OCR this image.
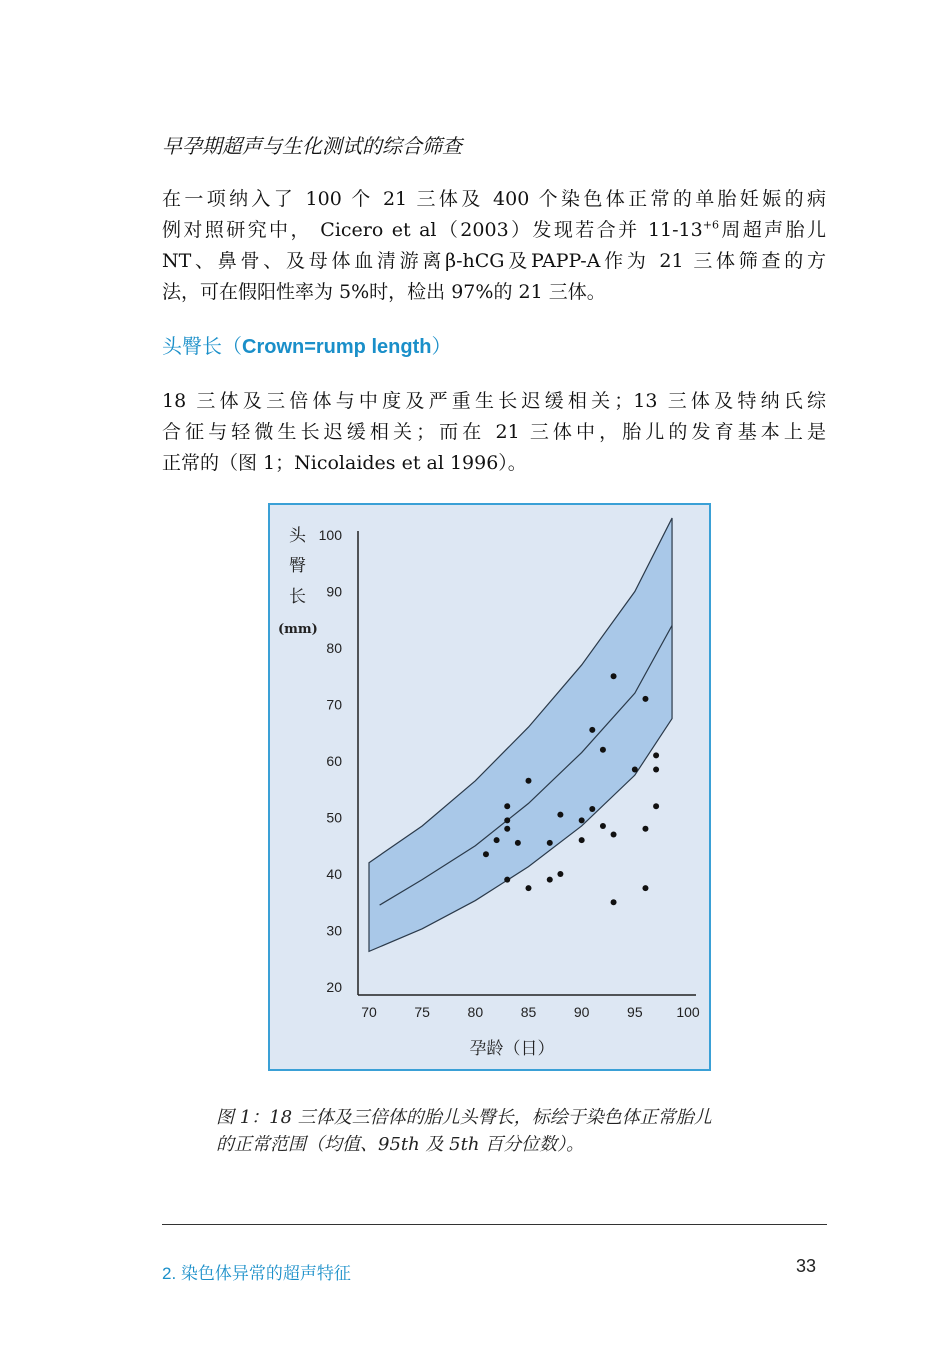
早孕期超声与生化测试的综合筛查
在一项纳入了 100 个 21 三体及 400 个染色体正常的单胎妊娠的病
例对照研究中， Cicero et al（2003）发现若合并 $11-13^{+6}$周超声胎儿
NT、鼻骨、及母体血清游离β-hCG及PAPP-A作为 21 三体筛查的方
法，可在假阳性率为 5%时，检出 97%的 21 三体。
头臀长（Crown=rump length）
18 三体及三倍体与中度及严重生长迟缓相关；13 三体及特纳氏综
合征与轻微生长迟缓相关；而在 21 三体中，胎儿的发育基本上是
正常的（图 1；Nicolaides et al 1996）。
20
30
40
50
60
70
80
90
100
70	75	80	85	90	95 100
头
臀
长
(mm)
孕龄（日）
图 1：18 三体及三倍体的胎儿头臀长，标绘于染色体正常胎儿
的正常范围（均值、95th 及 5th 百分位数）。
2. 染色体异常的超声特征	33
